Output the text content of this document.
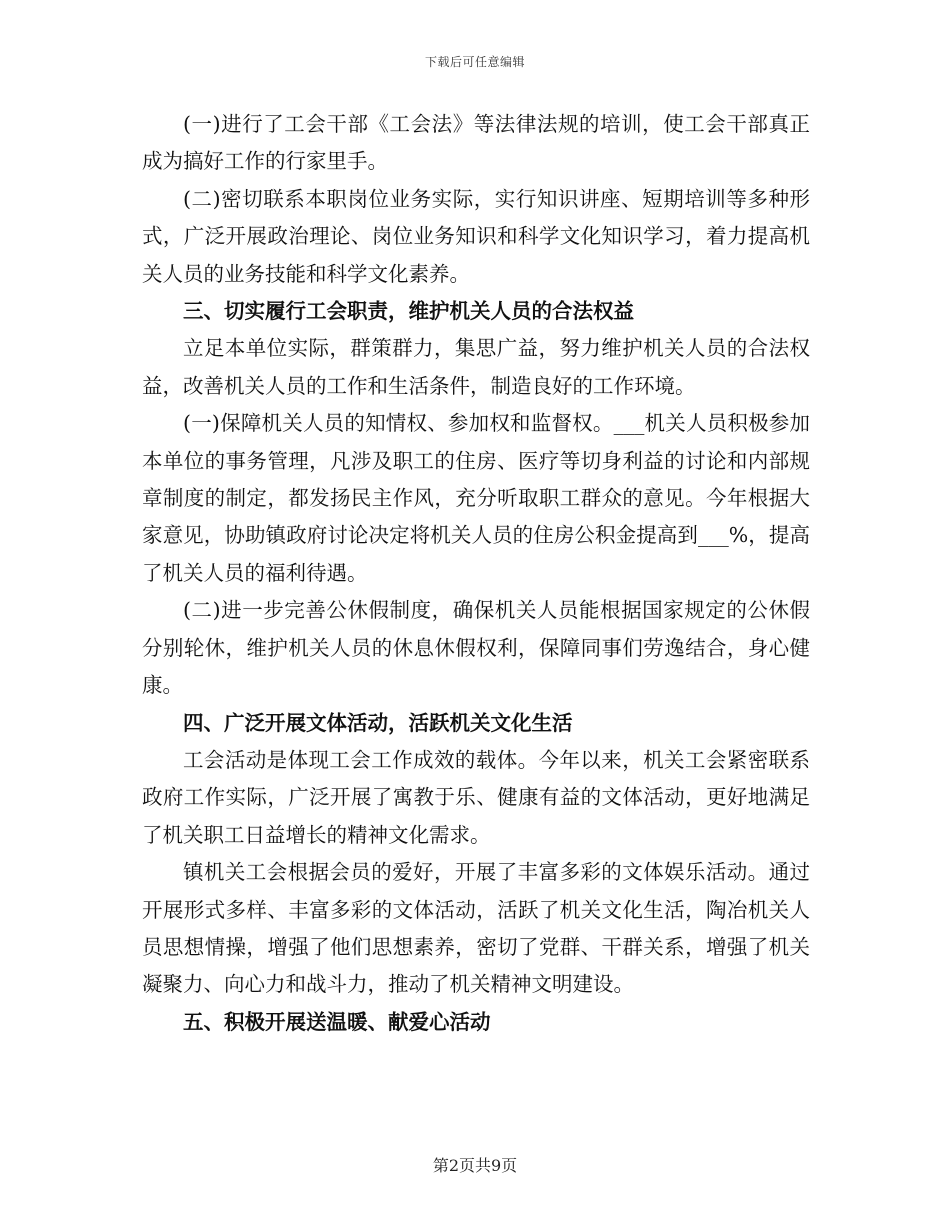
下载后可任意编辑

(一)进行了工会干部《工会法》等法律法规的培训，使工会干部真正成为搞好工作的行家里手。

(二)密切联系本职岗位业务实际，实行知识讲座、短期培训等多种形式，广泛开展政治理论、岗位业务知识和科学文化知识学习，着力提高机关人员的业务技能和科学文化素养。

三、切实履行工会职责，维护机关人员的合法权益

立足本单位实际，群策群力，集思广益，努力维护机关人员的合法权益，改善机关人员的工作和生活条件，制造良好的工作环境。

(一)保障机关人员的知情权、参加权和监督权。___机关人员积极参加本单位的事务管理，凡涉及职工的住房、医疗等切身利益的讨论和内部规章制度的制定，都发扬民主作风，充分听取职工群众的意见。今年根据大家意见，协助镇政府讨论决定将机关人员的住房公积金提高到___%，提高了机关人员的福利待遇。

(二)进一步完善公休假制度，确保机关人员能根据国家规定的公休假分别轮休，维护机关人员的休息休假权利，保障同事们劳逸结合，身心健康。

四、广泛开展文体活动，活跃机关文化生活

工会活动是体现工会工作成效的载体。今年以来，机关工会紧密联系政府工作实际，广泛开展了寓教于乐、健康有益的文体活动，更好地满足了机关职工日益增长的精神文化需求。

镇机关工会根据会员的爱好，开展了丰富多彩的文体娱乐活动。通过开展形式多样、丰富多彩的文体活动，活跃了机关文化生活，陶冶机关人员思想情操，增强了他们思想素养，密切了党群、干群关系，增强了机关凝聚力、向心力和战斗力，推动了机关精神文明建设。

五、积极开展送温暖、献爱心活动

第2页共9页
